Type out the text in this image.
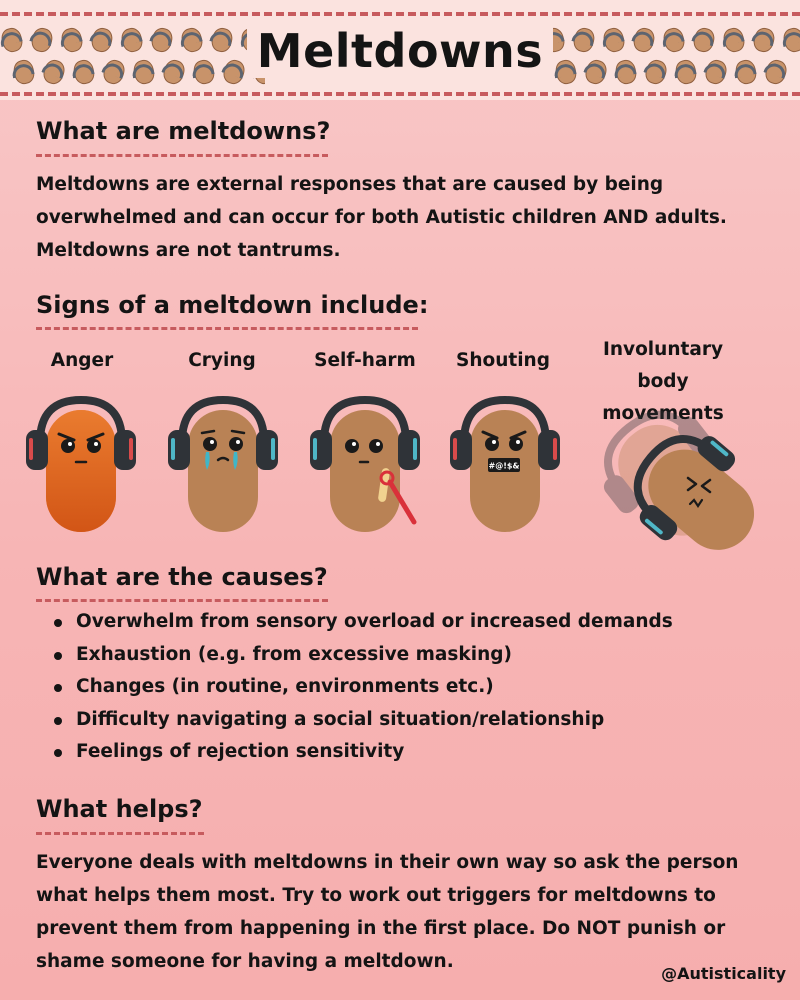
Meltdowns
What are meltdowns?

Meltdowns are external responses that are caused by being overwhelmed and can occur for both Autistic children AND adults. Meltdowns are not tantrums.

Signs of a meltdown include:
Anger	Crying	Self-harm	Shouting
Involuntary body movements
#@!$&
What are the causes?
Overwhelm from sensory overload or increased demands
Exhaustion (e.g. from excessive masking)
Changes (in routine, environments etc.)
Difficulty navigating a social situation/relationship
Feelings of rejection sensitivity
What helps?

Everyone deals with meltdowns in their own way so ask the person what helps them most. Try to work out triggers for meltdowns to prevent them from happening in the first place. Do NOT punish or shame someone for having a meltdown.

@Autisticality
